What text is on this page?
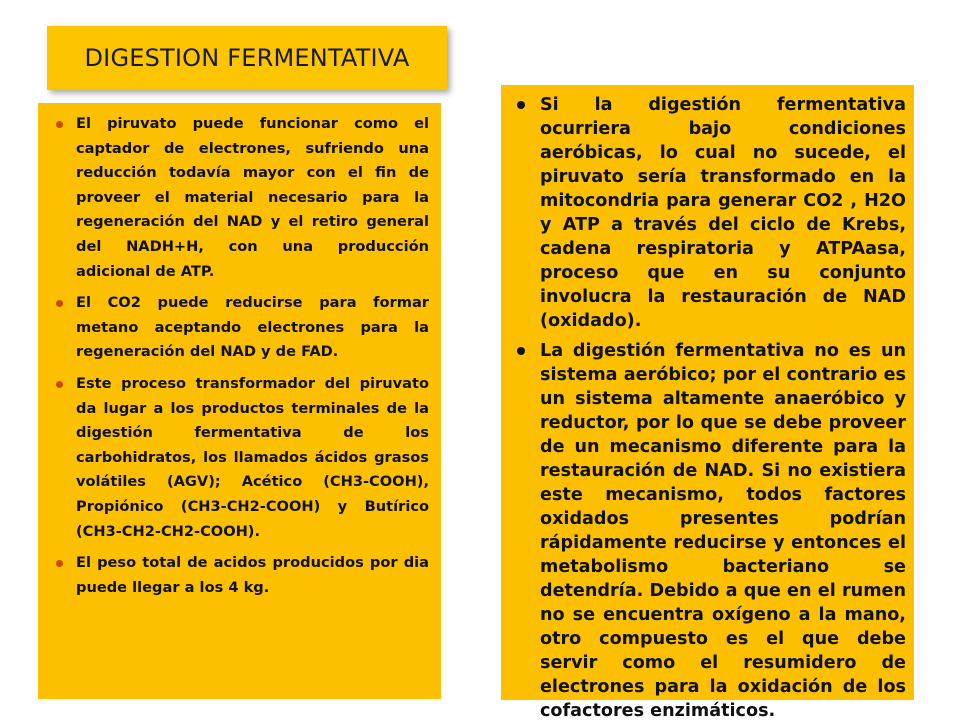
DIGESTION FERMENTATIVA
El piruvato puede funcionar como el captador de electrones, sufriendo una reducción todavía mayor con el fin de proveer el material necesario para la regeneración del NAD y el retiro general del NADH+H, con una producción adicional de ATP.
El CO2 puede reducirse para formar metano aceptando electrones para la regeneración del NAD y de FAD.
Este proceso transformador del piruvato da lugar a los productos terminales de la digestión fermentativa de los carbohidratos, los llamados ácidos grasos volátiles (AGV); Acético (CH3-COOH), Propiónico (CH3-CH2-COOH) y Butírico (CH3-CH2-CH2-COOH).
El peso total de acidos producidos por dia puede llegar a los 4 kg.
Si la digestión fermentativa ocurriera bajo condiciones aeróbicas, lo cual no sucede, el piruvato sería transformado en la mitocondria para generar CO2 , H2O y ATP a través del ciclo de Krebs, cadena respiratoria y ATPAasa, proceso que en su conjunto involucra la restauración de NAD (oxidado).
La digestión fermentativa no es un sistema aeróbico; por el contrario es un sistema altamente anaeróbico y reductor, por lo que se debe proveer de un mecanismo diferente para la restauración de NAD. Si no existiera este mecanismo, todos factores oxidados presentes podrían rápidamente reducirse y entonces el metabolismo bacteriano se detendría. Debido a que en el rumen no se encuentra oxígeno a la mano, otro compuesto es el que debe servir como el resumidero de electrones para la oxidación de los cofactores enzimáticos.
